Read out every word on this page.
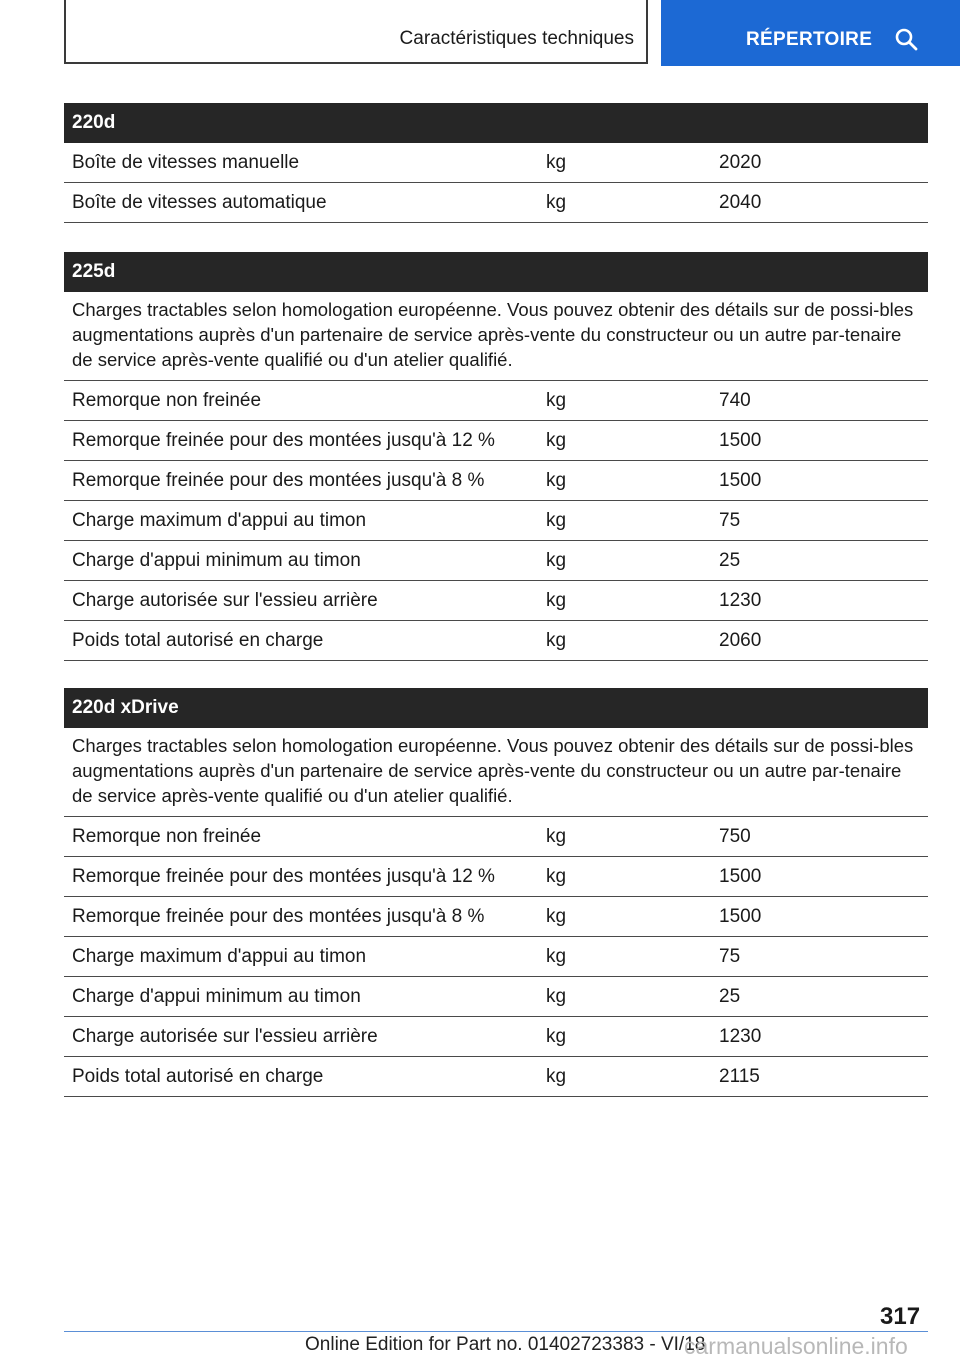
Caractéristiques techniques	RÉPERTOIRE
220d
Boîte de vitesses manuelle	kg	2020
Boîte de vitesses automatique	kg	2040
225d
Charges tractables selon homologation européenne. Vous pouvez obtenir des détails sur de possi-bles augmentations auprès d'un partenaire de service après-vente du constructeur ou un autre par-tenaire de service après-vente qualifié ou d'un atelier qualifié.
Remorque non freinée	kg	740
Remorque freinée pour des montées jusqu'à 12 %	kg	1500
Remorque freinée pour des montées jusqu'à 8 %	kg	1500
Charge maximum d'appui au timon	kg	75
Charge d'appui minimum au timon	kg	25
Charge autorisée sur l'essieu arrière	kg	1230
Poids total autorisé en charge	kg	2060
220d xDrive
Charges tractables selon homologation européenne. Vous pouvez obtenir des détails sur de possi-bles augmentations auprès d'un partenaire de service après-vente du constructeur ou un autre par-tenaire de service après-vente qualifié ou d'un atelier qualifié.
Remorque non freinée	kg	750
Remorque freinée pour des montées jusqu'à 12 %	kg	1500
Remorque freinée pour des montées jusqu'à 8 %	kg	1500
Charge maximum d'appui au timon	kg	75
Charge d'appui minimum au timon	kg	25
Charge autorisée sur l'essieu arrière	kg	1230
Poids total autorisé en charge	kg	2115
317
Online Edition for Part no. 01402723383 - VI/18
carmanualsonline.info
